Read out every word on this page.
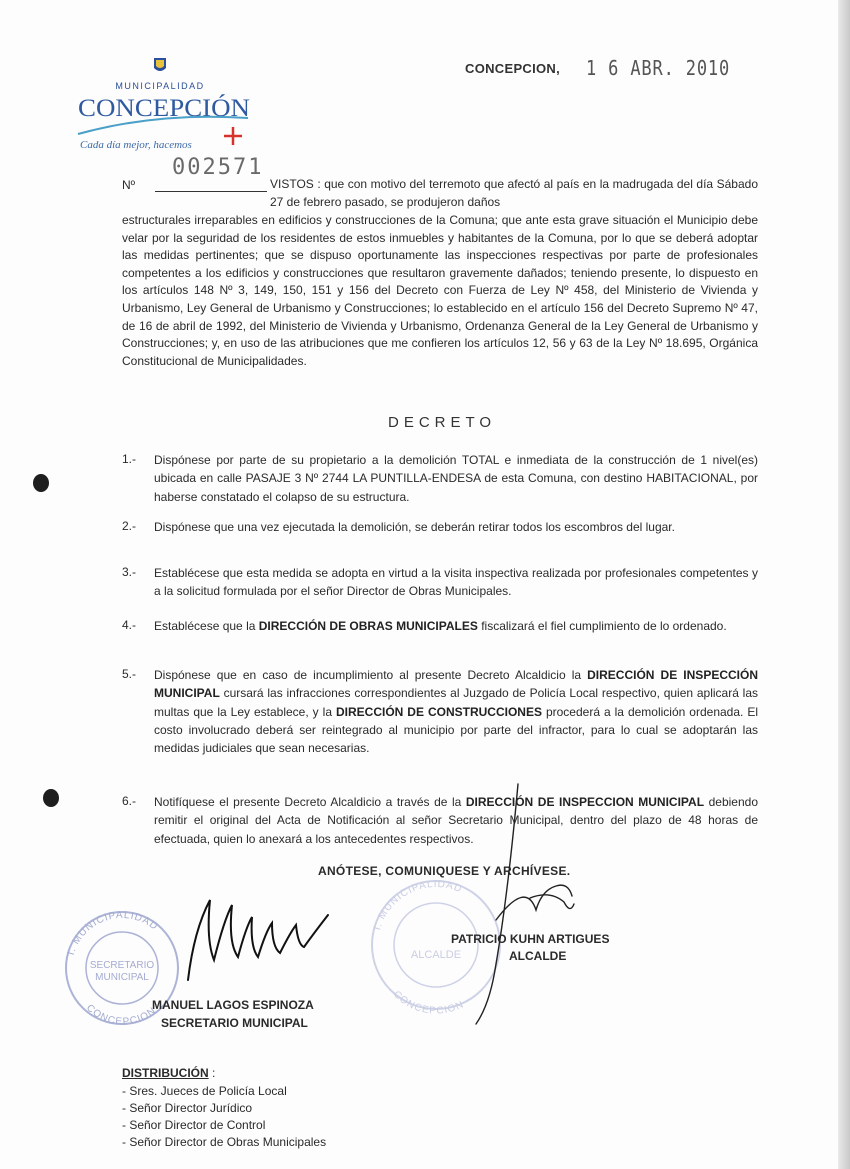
MUNICIPALIDAD
CONCEPCIÓN
Cada día mejor, hacemos
CONCEPCION, 1 6 ABR. 2010
Nº
002571
VISTOS : que con motivo del terremoto que afectó al país en la madrugada del día Sábado 27 de febrero pasado, se produjeron daños
estructurales irreparables en edificios y construcciones de la Comuna; que ante esta grave situación el Municipio debe velar por la seguridad de los residentes de estos inmuebles y habitantes de la Comuna, por lo que se deberá adoptar las medidas pertinentes; que se dispuso oportunamente las inspecciones respectivas por parte de profesionales competentes a los edificios y construcciones que resultaron gravemente dañados; teniendo presente, lo dispuesto en los artículos 148 Nº 3, 149, 150, 151 y 156 del Decreto con Fuerza de Ley Nº 458, del Ministerio de Vivienda y Urbanismo, Ley General de Urbanismo y Construcciones; lo establecido en el artículo 156 del Decreto Supremo Nº 47, de 16 de abril de 1992, del Ministerio de Vivienda y Urbanismo, Ordenanza General de la Ley General de Urbanismo y Construcciones; y, en uso de las atribuciones que me confieren los artículos 12, 56 y 63 de la Ley Nº 18.695, Orgánica Constitucional de Municipalidades.
DECRETO
1.- Dispónese por parte de su propietario a la demolición TOTAL e inmediata de la construcción de 1 nivel(es) ubicada en calle PASAJE 3 Nº 2744 LA PUNTILLA-ENDESA de esta Comuna, con destino HABITACIONAL, por haberse constatado el colapso de su estructura.
2.- Dispónese que una vez ejecutada la demolición, se deberán retirar todos los escombros del lugar.
3.- Establécese que esta medida se adopta en virtud a la visita inspectiva realizada por profesionales competentes y a la solicitud formulada por el señor Director de Obras Municipales.
4.- Establécese que la DIRECCIÓN DE OBRAS MUNICIPALES fiscalizará el fiel cumplimiento de lo ordenado.
5.- Dispónese que en caso de incumplimiento al presente Decreto Alcaldicio la DIRECCIÓN DE INSPECCIÓN MUNICIPAL cursará las infracciones correspondientes al Juzgado de Policía Local respectivo, quien aplicará las multas que la Ley establece, y la DIRECCIÓN DE CONSTRUCCIONES procederá a la demolición ordenada. El costo involucrado deberá ser reintegrado al municipio por parte del infractor, para lo cual se adoptarán las medidas judiciales que sean necesarias.
6.- Notifíquese el presente Decreto Alcaldicio a través de la DIRECCIÓN DE INSPECCION MUNICIPAL debiendo remitir el original del Acta de Notificación al señor Secretario Municipal, dentro del plazo de 48 horas de efectuada, quien lo anexará a los antecedentes respectivos.
ANÓTESE, COMUNIQUESE Y ARCHÍVESE.
I. MUNICIPALIDAD
SECRETARIO
MUNICIPAL
CONCEPCION
I. MUNICIPALIDAD
ALCALDE
CONCEPCION
PATRICIO KUHN ARTIGUES
ALCALDE
MANUEL LAGOS ESPINOZA
SECRETARIO MUNICIPAL
DISTRIBUCIÓN :
- Sres. Jueces de Policía Local
- Señor Director Jurídico
- Señor Director de Control
- Señor Director de Obras Municipales
